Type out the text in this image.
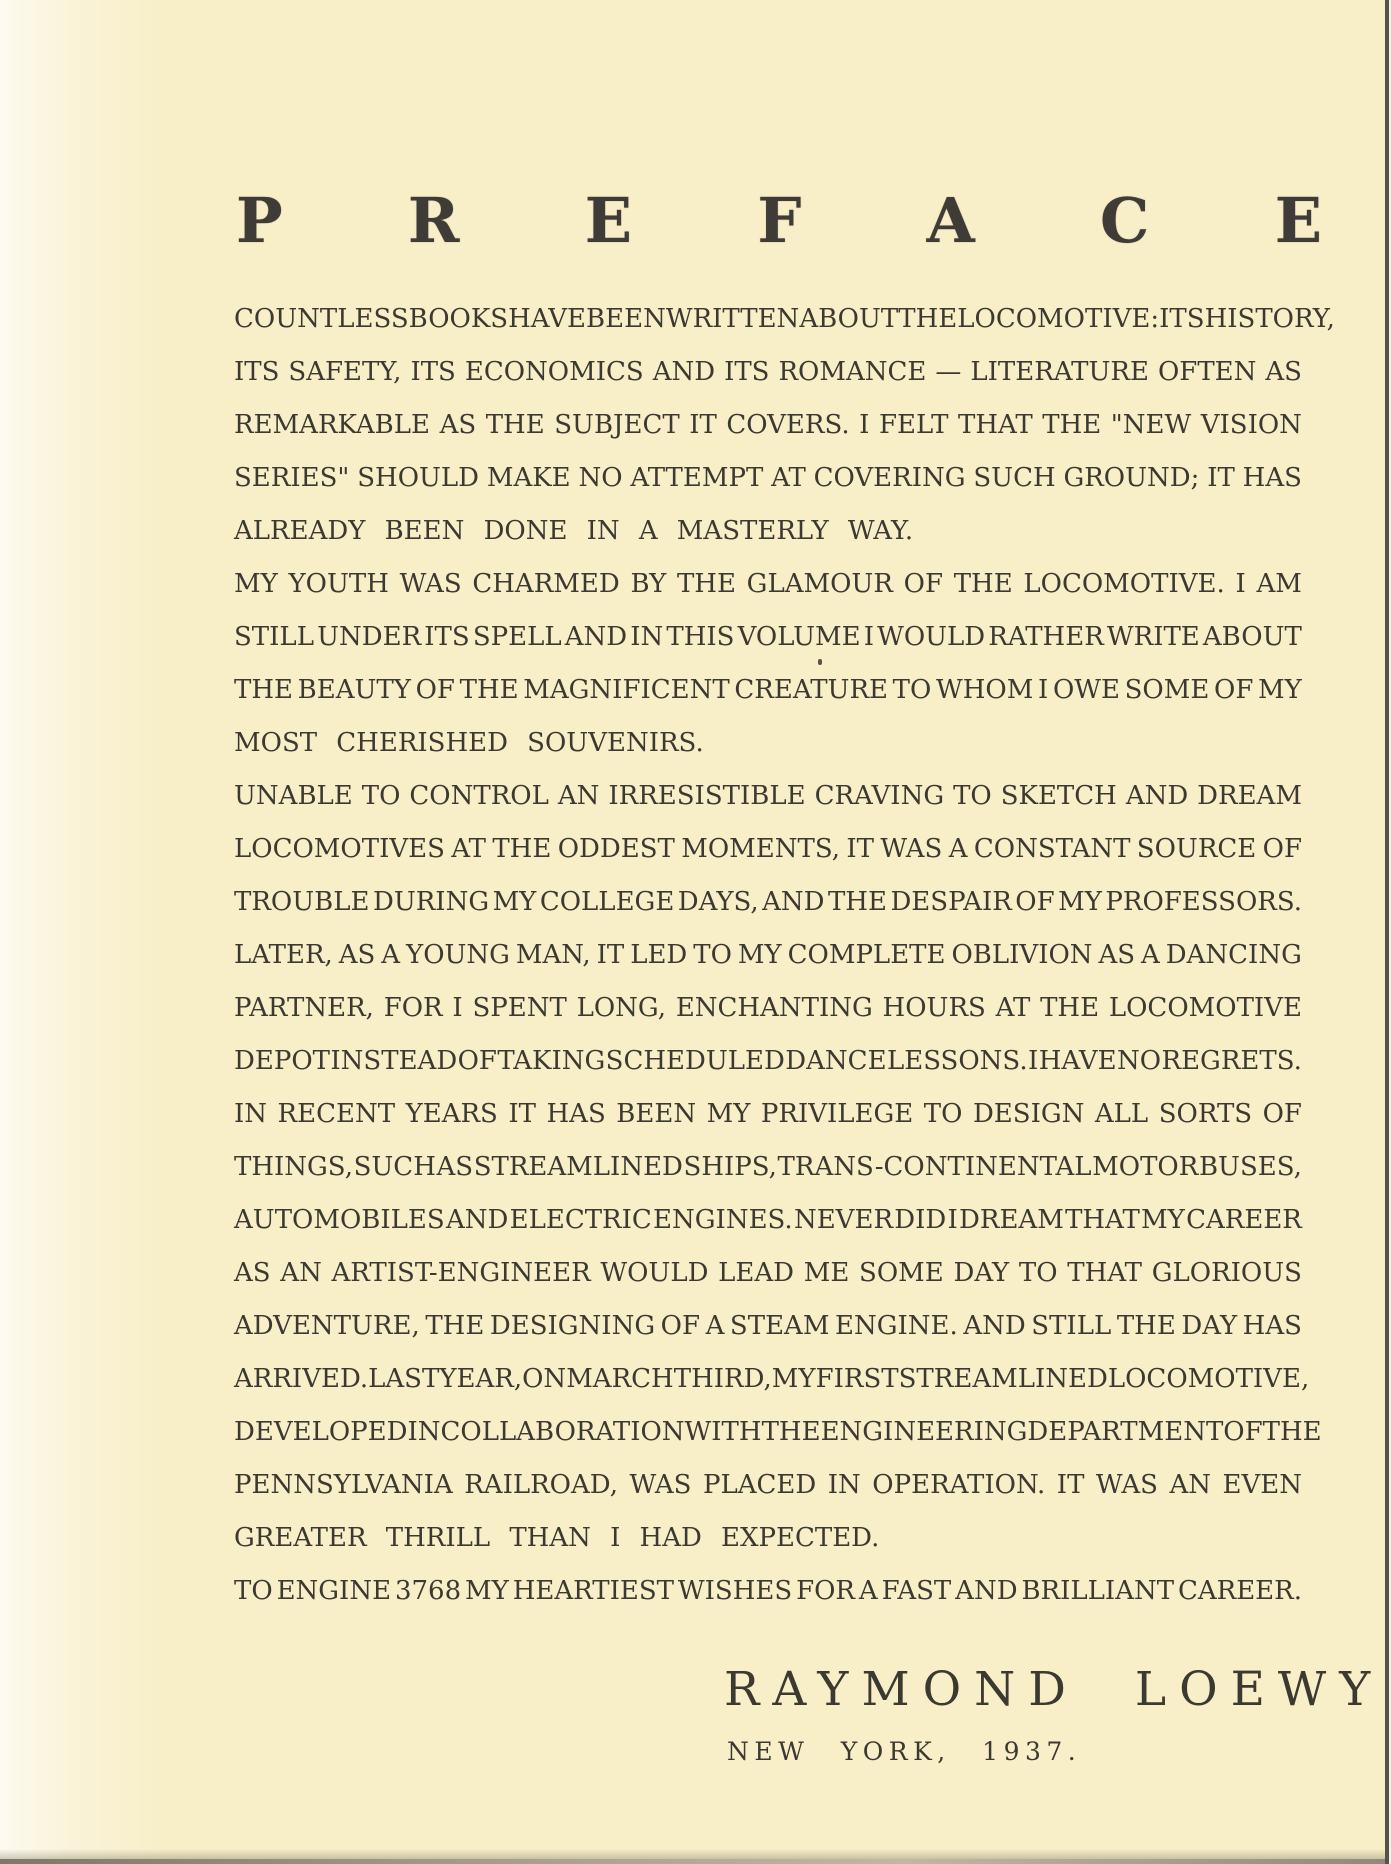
P R E F A C E
COUNTLESS BOOKS HAVE BEEN WRITTEN ABOUT THE LOCOMOTIVE : ITS HISTORY,
ITS SAFETY, ITS ECONOMICS AND ITS ROMANCE — LITERATURE OFTEN AS
REMARKABLE AS THE SUBJECT IT COVERS. I FELT THAT THE "NEW VISION
SERIES" SHOULD MAKE NO ATTEMPT AT COVERING SUCH GROUND; IT HAS
ALREADY BEEN DONE IN A MASTERLY WAY.
MY YOUTH WAS CHARMED BY THE GLAMOUR OF THE LOCOMOTIVE. I AM
STILL UNDER ITS SPELL AND IN THIS VOLUME I WOULD RATHER WRITE ABOUT
THE BEAUTY OF THE MAGNIFICENT CREATURE TO WHOM I OWE SOME OF MY
MOST CHERISHED SOUVENIRS.
UNABLE TO CONTROL AN IRRESISTIBLE CRAVING TO SKETCH AND DREAM
LOCOMOTIVES AT THE ODDEST MOMENTS, IT WAS A CONSTANT SOURCE OF
TROUBLE DURING MY COLLEGE DAYS, AND THE DESPAIR OF MY PROFESSORS.
LATER, AS A YOUNG MAN, IT LED TO MY COMPLETE OBLIVION AS A DANCING
PARTNER, FOR I SPENT LONG, ENCHANTING HOURS AT THE LOCOMOTIVE
DEPOT INSTEAD OF TAKING SCHEDULED DANCE LESSONS. I HAVE NO REGRETS.
IN RECENT YEARS IT HAS BEEN MY PRIVILEGE TO DESIGN ALL SORTS OF
THINGS, SUCH AS STREAMLINED SHIPS, TRANS-CONTINENTAL MOTOR BUSES,
AUTOMOBILES AND ELECTRIC ENGINES. NEVER DID I DREAM THAT MY CAREER
AS AN ARTIST-ENGINEER WOULD LEAD ME SOME DAY TO THAT GLORIOUS
ADVENTURE, THE DESIGNING OF A STEAM ENGINE. AND STILL THE DAY HAS
ARRIVED. LAST YEAR, ON MARCH THIRD, MY FIRST STREAMLINED LOCOMOTIVE,
DEVELOPED IN COLLABORATION WITH THE ENGINEERING DEPARTMENT OF THE
PENNSYLVANIA RAILROAD, WAS PLACED IN OPERATION. IT WAS AN EVEN
GREATER THRILL THAN I HAD EXPECTED.
TO ENGINE 3768 MY HEARTIEST WISHES FOR A FAST AND BRILLIANT CAREER.
RAYMOND LOEWY
NEW YORK, 1937.
